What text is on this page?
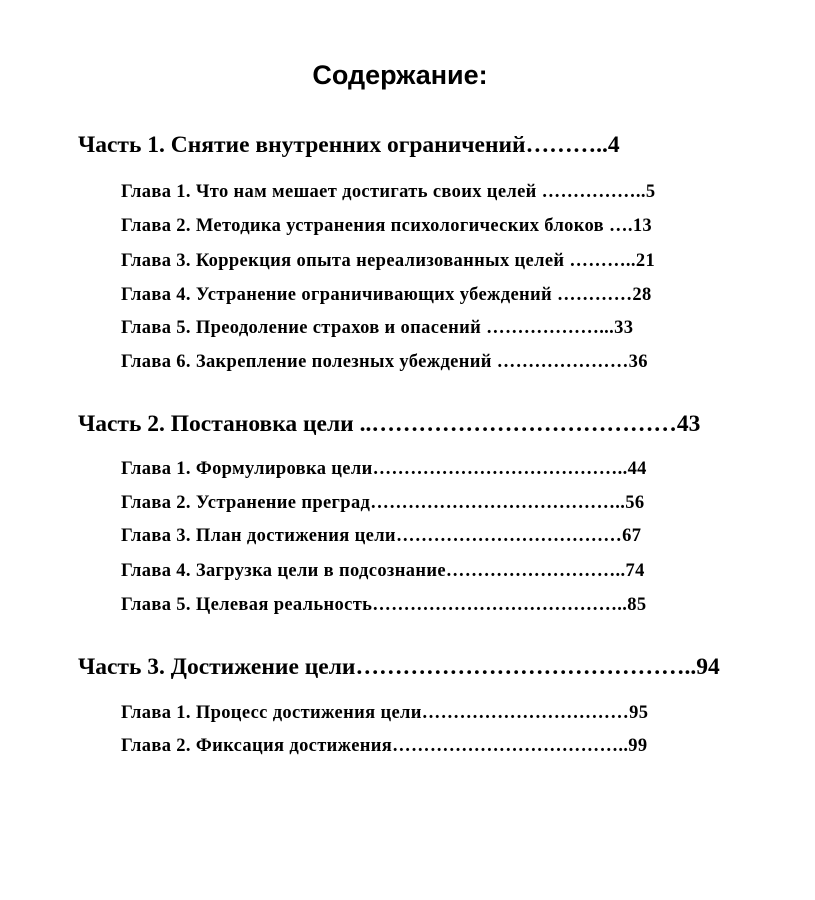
Содержание:
Часть 1. Снятие внутренних ограничений………..4
Глава 1. Что нам мешает достигать своих целей ……………..5
Глава 2. Методика устранения психологических блоков ….13
Глава 3. Коррекция опыта нереализованных целей ………..21
Глава 4. Устранение ограничивающих убеждений …………28
Глава 5. Преодоление страхов и опасений ………………...33
Глава 6. Закрепление полезных убеждений …………………36
Часть 2. Постановка цели ..…………………………………43
Глава 1. Формулировка цели…………………………………..44
Глава 2. Устранение преград…………………………………..56
Глава 3. План достижения цели………………………………67
Глава 4. Загрузка цели в подсознание………………………..74
Глава 5. Целевая реальность…………………………………..85
Часть 3. Достижение цели……………………………………..94
Глава 1. Процесс достижения цели……………………………95
Глава 2. Фиксация достижения………………………………..99
